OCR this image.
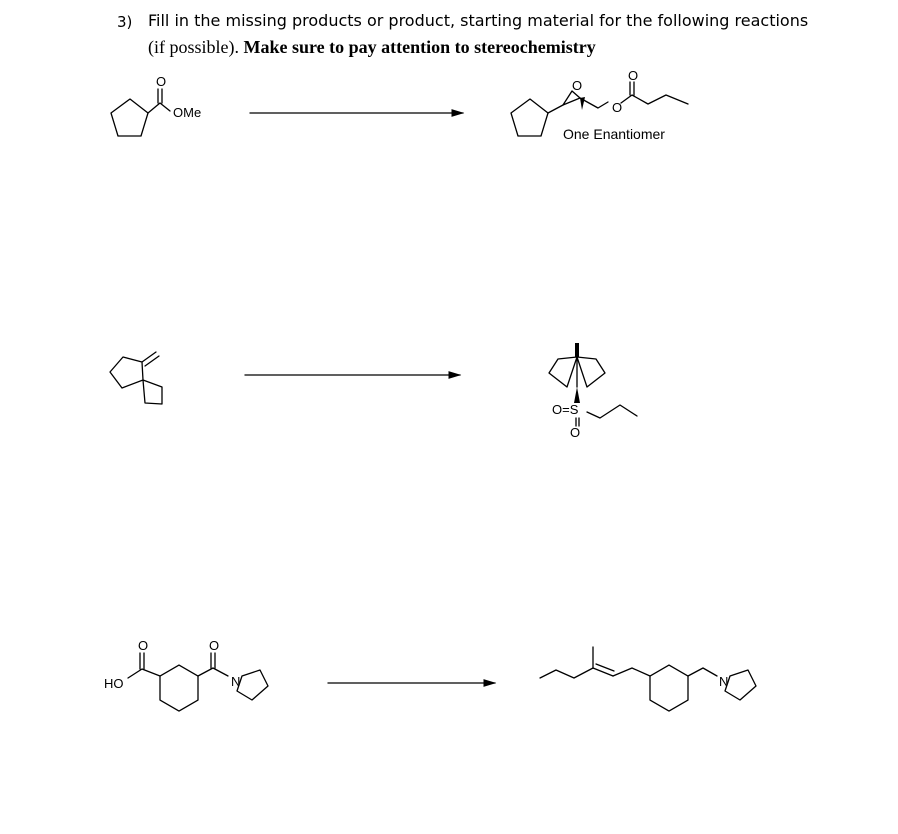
3) Fill in the missing products or product, starting material for the following reactions
(if possible). Make sure to pay attention to stereochemistry
O
OMe
O
O
O
One Enantiomer
O=S
O
HO
O	O
N	N
